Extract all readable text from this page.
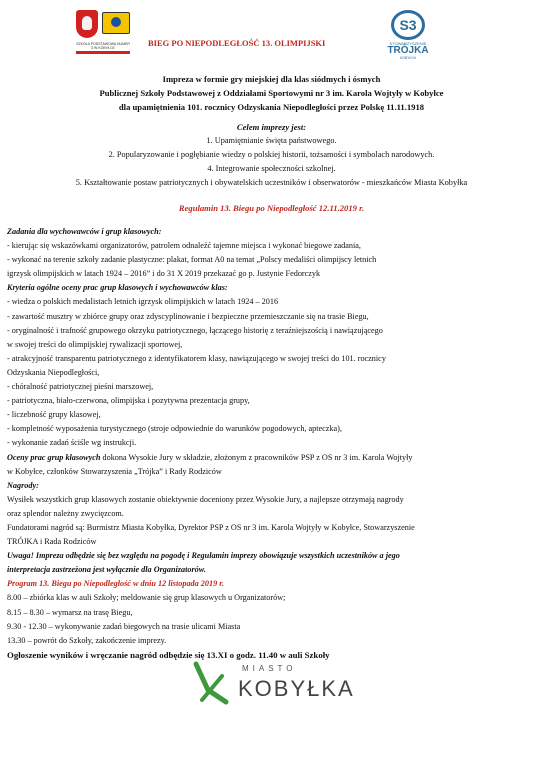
SZKOŁA PODSTAWOWA NUMER 3 W KOBYŁCE	BIEG PO NIEPODLEGŁOŚĆ 13. OLIMPIJSKI
S3
STOWARZYSZENIE
TRÓJKA
KOBYŁKA
Impreza w formie gry miejskiej dla klas siódmych i ósmych
Publicznej Szkoły Podstawowej z Oddziałami Sportowymi nr 3 im. Karola Wojtyły w Kobyłce
dla upamiętnienia 101. rocznicy Odzyskania Niepodległości przez Polskę 11.11.1918
Celem imprezy jest:
1. Upamiętnianie święta państwowego.
2. Popularyzowanie i pogłębianie wiedzy o polskiej historii, tożsamości i symbolach narodowych.
4. Integrowanie społeczności szkolnej.
5. Kształtowanie postaw patriotycznych i obywatelskich uczestników i obserwatorów - mieszkańców Miasta Kobyłka
Regulamin 13. Biegu po Niepodległość 12.11.2019 r.

Zadania dla wychowawców i grup klasowych:

- kierując się wskazówkami organizatorów, patrolem odnaleźć tajemne miejsca i wykonać biegowe zadania,

- wykonać na terenie szkoły zadanie plastyczne: plakat, format A0 na temat „Polscy medaliści olimpijscy letnich

igrzysk olimpijskich w latach 1924 – 2016” i do 31 X 2019 przekazać go p. Justynie Fedorczyk

Kryteria ogólne oceny prac grup klasowych i wychowawców klas:

- wiedza o polskich medalistach letnich igrzysk olimpijskich w latach 1924 – 2016

- zawartość musztry w zbiórce grupy oraz zdyscyplinowanie i bezpieczne przemieszczanie się na trasie Biegu,

- oryginalność i trafność grupowego okrzyku patriotycznego, łączącego historię z teraźniejszością i nawiązującego

w swojej treści do olimpijskiej rywalizacji sportowej,

- atrakcyjność transparentu patriotycznego z identyfikatorem klasy, nawiązującego w swojej treści do 101. rocznicy

Odzyskania Niepodległości,

- chóralność patriotycznej pieśni marszowej,

- patriotyczna, biało-czerwona, olimpijska i pozytywna prezentacja grupy,

- liczebność grupy klasowej,

- kompletność wyposażenia turystycznego (stroje odpowiednie do warunków pogodowych, apteczka),

- wykonanie zadań ściśle wg instrukcji.

Oceny prac grup klasowych dokona Wysokie Jury w składzie, złożonym z pracowników PSP z OS nr 3 im. Karola Wojtyły

w Kobyłce, członków Stowarzyszenia „Trójka” i Rady Rodziców

Nagrody:

Wysiłek wszystkich grup klasowych zostanie obiektywnie doceniony przez Wysokie Jury, a najlepsze otrzymają nagrody

oraz splendor należny zwycięzcom.

Fundatorami nagród są: Burmistrz Miasta Kobyłka, Dyrektor PSP z OS nr 3 im. Karola Wojtyły w Kobyłce, Stowarzyszenie

TRÓJKA i Rada Rodziców

Uwaga! Impreza odbędzie się bez względu na pogodę i Regulamin imprezy obowiązuje wszystkich uczestników a jego

interpretacja zastrzeżona jest wyłącznie dla Organizatorów.

Program 13. Biegu po Niepodległość w dniu 12 listopada 2019 r.

8.00 – zbiórka klas w auli Szkoły; meldowanie się grup klasowych u Organizatorów;

8.15 – 8.30 – wymarsz na trasę Biegu,

9.30 - 12.30 – wykonywanie zadań biegowych na trasie ulicami Miasta

13.30 – powrót do Szkoły, zakończenie imprezy.

Ogłoszenie wyników i wręczanie nagród odbędzie się 13.XI o godz. 11.40 w auli Szkoły

MIASTO
KOBYŁKA
